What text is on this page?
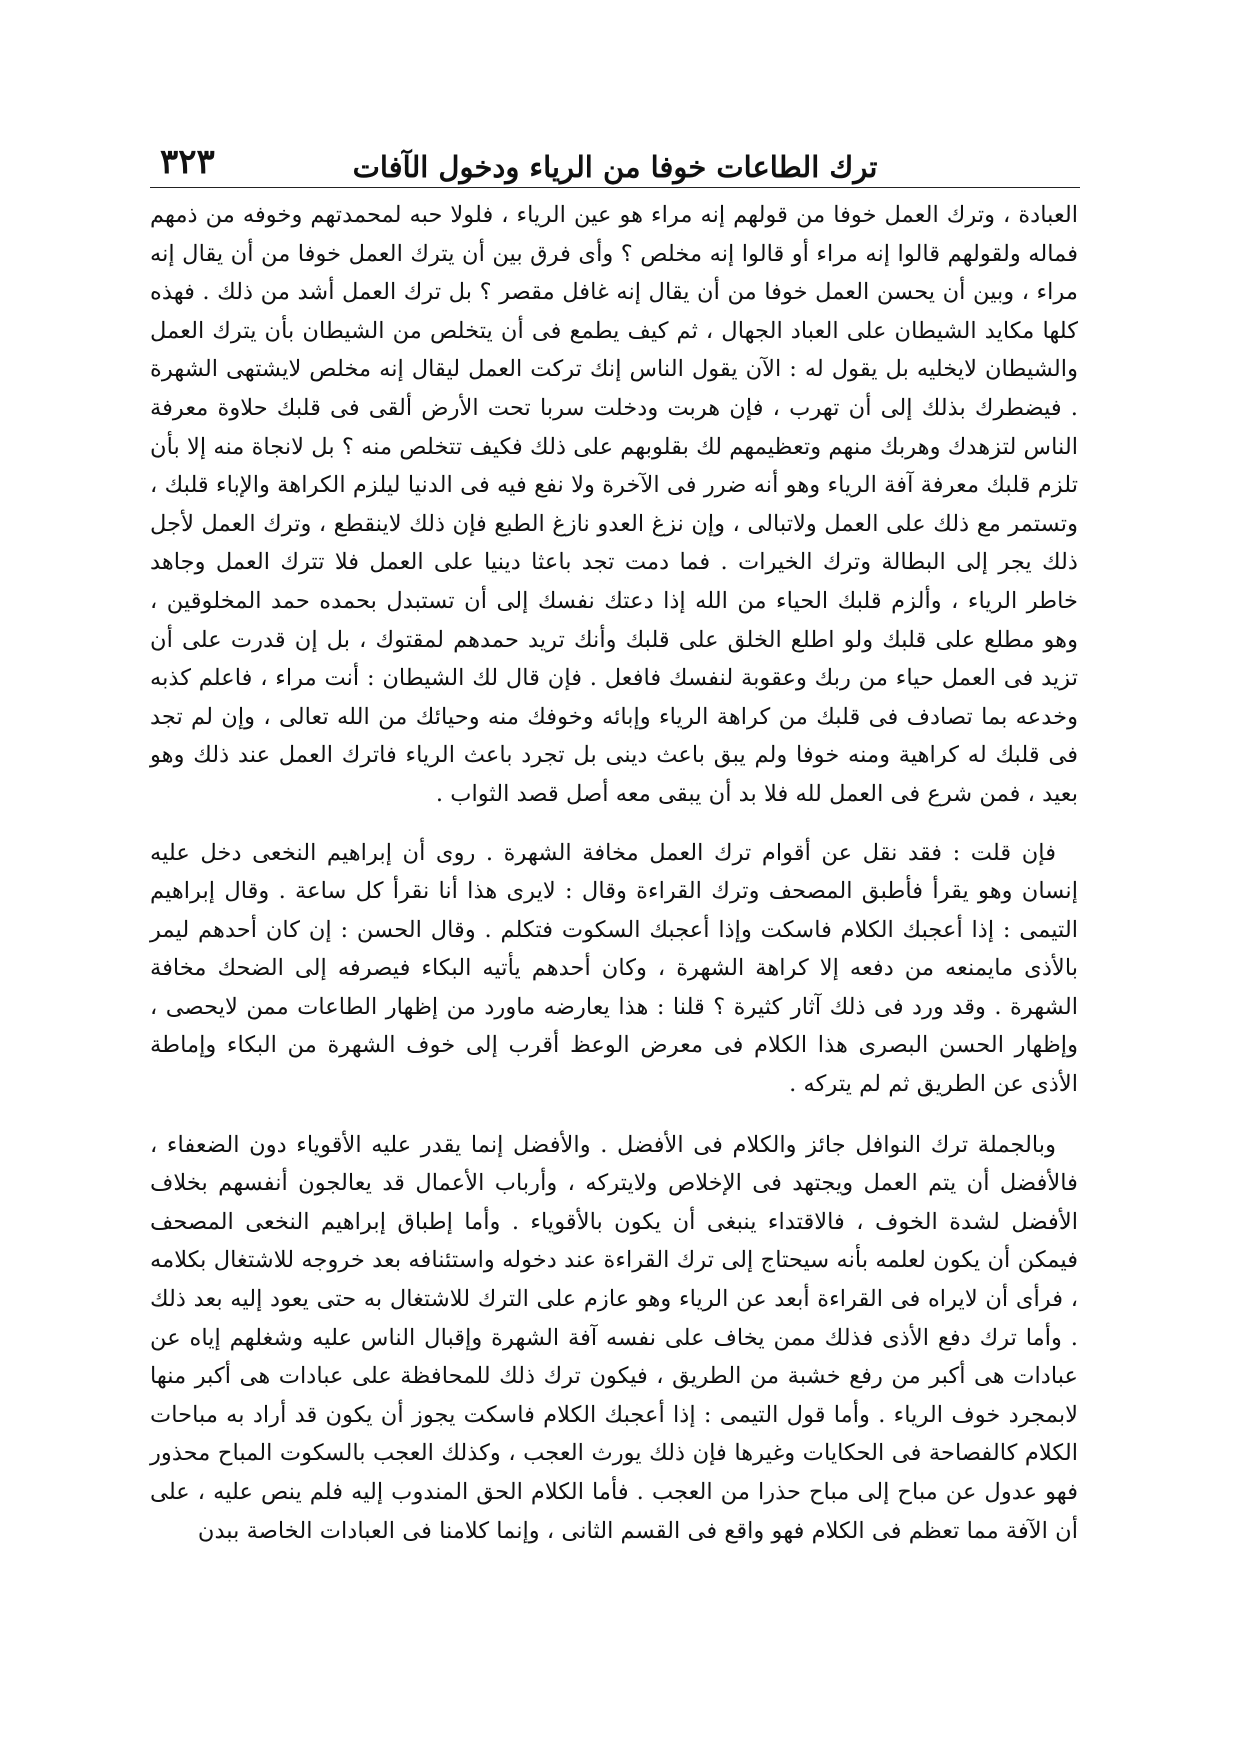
ترك الطاعات خوفا من الرياء ودخول الآفات
٣٢٣

العبادة ، وترك العمل خوفا من قولهم إنه مراء هو عين الرياء ، فلولا حبه لمحمدتهم وخوفه من ذمهم فماله ولقولهم قالوا إنه مراء أو قالوا إنه مخلص ؟ وأى فرق بين أن يترك العمل خوفا من أن يقال إنه مراء ، وبين أن يحسن العمل خوفا من أن يقال إنه غافل مقصر ؟ بل ترك العمل أشد من ذلك . فهذه كلها مكايد الشيطان على العباد الجهال ، ثم كيف يطمع فى أن يتخلص من الشيطان بأن يترك العمل والشيطان لايخليه بل يقول له : الآن يقول الناس إنك تركت العمل ليقال إنه مخلص لايشتهى الشهرة . فيضطرك بذلك إلى أن تهرب ، فإن هربت ودخلت سربا تحت الأرض ألقى فى قلبك حلاوة معرفة الناس لتزهدك وهربك منهم وتعظيمهم لك بقلوبهم على ذلك فكيف تتخلص منه ؟ بل لانجاة منه إلا بأن تلزم قلبك معرفة آفة الرياء وهو أنه ضرر فى الآخرة ولا نفع فيه فى الدنيا ليلزم الكراهة والإباء قلبك ، وتستمر مع ذلك على العمل ولاتبالى ، وإن نزغ العدو نازغ الطبع فإن ذلك لاينقطع ، وترك العمل لأجل ذلك يجر إلى البطالة وترك الخيرات . فما دمت تجد باعثا دينيا على العمل فلا تترك العمل وجاهد خاطر الرياء ، وألزم قلبك الحياء من الله إذا دعتك نفسك إلى أن تستبدل بحمده حمد المخلوقين ، وهو مطلع على قلبك ولو اطلع الخلق على قلبك وأنك تريد حمدهم لمقتوك ، بل إن قدرت على أن تزيد فى العمل حياء من ربك وعقوبة لنفسك فافعل . فإن قال لك الشيطان : أنت مراء ، فاعلم كذبه وخدعه بما تصادف فى قلبك من كراهة الرياء وإبائه وخوفك منه وحيائك من الله تعالى ، وإن لم تجد فى قلبك له كراهية ومنه خوفا ولم يبق باعث دينى بل تجرد باعث الرياء فاترك العمل عند ذلك وهو بعيد ، فمن شرع فى العمل لله فلا بد أن يبقى معه أصل قصد الثواب .

فإن قلت : فقد نقل عن أقوام ترك العمل مخافة الشهرة . روى أن إبراهيم النخعى دخل عليه إنسان وهو يقرأ فأطبق المصحف وترك القراءة وقال : لايرى هذا أنا نقرأ كل ساعة . وقال إبراهيم التيمى : إذا أعجبك الكلام فاسكت وإذا أعجبك السكوت فتكلم . وقال الحسن : إن كان أحدهم ليمر بالأذى مايمنعه من دفعه إلا كراهة الشهرة ، وكان أحدهم يأتيه البكاء فيصرفه إلى الضحك مخافة الشهرة . وقد ورد فى ذلك آثار كثيرة ؟ قلنا : هذا يعارضه ماورد من إظهار الطاعات ممن لايحصى ، وإظهار الحسن البصرى هذا الكلام فى معرض الوعظ أقرب إلى خوف الشهرة من البكاء وإماطة الأذى عن الطريق ثم لم يتركه .

وبالجملة ترك النوافل جائز والكلام فى الأفضل . والأفضل إنما يقدر عليه الأقوياء دون الضعفاء ، فالأفضل أن يتم العمل ويجتهد فى الإخلاص ولايتركه ، وأرباب الأعمال قد يعالجون أنفسهم بخلاف الأفضل لشدة الخوف ، فالاقتداء ينبغى أن يكون بالأقوياء . وأما إطباق إبراهيم النخعى المصحف فيمكن أن يكون لعلمه بأنه سيحتاج إلى ترك القراءة عند دخوله واستئنافه بعد خروجه للاشتغال بكلامه ، فرأى أن لايراه فى القراءة أبعد عن الرياء وهو عازم على الترك للاشتغال به حتى يعود إليه بعد ذلك . وأما ترك دفع الأذى فذلك ممن يخاف على نفسه آفة الشهرة وإقبال الناس عليه وشغلهم إياه عن عبادات هى أكبر من رفع خشبة من الطريق ، فيكون ترك ذلك للمحافظة على عبادات هى أكبر منها لابمجرد خوف الرياء . وأما قول التيمى : إذا أعجبك الكلام فاسكت يجوز أن يكون قد أراد به مباحات الكلام كالفصاحة فى الحكايات وغيرها فإن ذلك يورث العجب ، وكذلك العجب بالسكوت المباح محذور فهو عدول عن مباح إلى مباح حذرا من العجب . فأما الكلام الحق المندوب إليه فلم ينص عليه ، على أن الآفة مما تعظم فى الكلام فهو واقع فى القسم الثانى ، وإنما كلامنا فى العبادات الخاصة ببدن
